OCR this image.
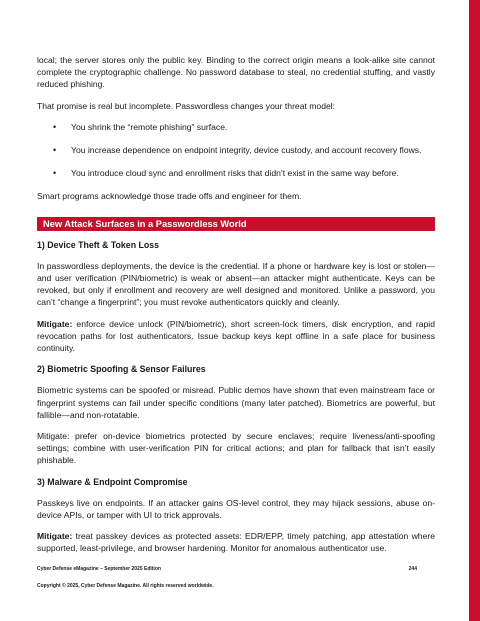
local; the server stores only the public key. Binding to the correct origin means a look-alike site cannot complete the cryptographic challenge. No password database to steal, no credential stuffing, and vastly reduced phishing.

That promise is real but incomplete. Passwordless changes your threat model:

• You shrink the “remote phishing” surface.
• You increase dependence on endpoint integrity, device custody, and account recovery flows.
• You introduce cloud sync and enrollment risks that didn’t exist in the same way before.

Smart programs acknowledge those trade offs and engineer for them.

New Attack Surfaces in a Passwordless World

1) Device Theft & Token Loss

In passwordless deployments, the device is the credential. If a phone or hardware key is lost or stolen—and user verification (PIN/biometric) is weak or absent—an attacker might authenticate. Keys can be revoked, but only if enrollment and recovery are well designed and monitored. Unlike a password, you can’t “change a fingerprint”; you must revoke authenticators quickly and cleanly.

Mitigate: enforce device unlock (PIN/biometric), short screen-lock timers, disk encryption, and rapid revocation paths for lost authenticators. Issue backup keys kept offline in a safe place for business continuity.

2) Biometric Spoofing & Sensor Failures

Biometric systems can be spoofed or misread. Public demos have shown that even mainstream face or fingerprint systems can fail under specific conditions (many later patched). Biometrics are powerful, but fallible—and non-rotatable.

Mitigate: prefer on-device biometrics protected by secure enclaves; require liveness/anti-spoofing settings; combine with user-verification PIN for critical actions; and plan for fallback that isn’t easily phishable.

3) Malware & Endpoint Compromise

Passkeys live on endpoints. If an attacker gains OS-level control, they may hijack sessions, abuse on-device APIs, or tamper with UI to trick approvals.

Mitigate: treat passkey devices as protected assets: EDR/EPP, timely patching, app attestation where supported, least-privilege, and browser hardening. Monitor for anomalous authenticator use.

Cyber Defense eMagazine – September 2025 Edition	244
Copyright © 2025, Cyber Defense Magazine. All rights reserved worldwide.
